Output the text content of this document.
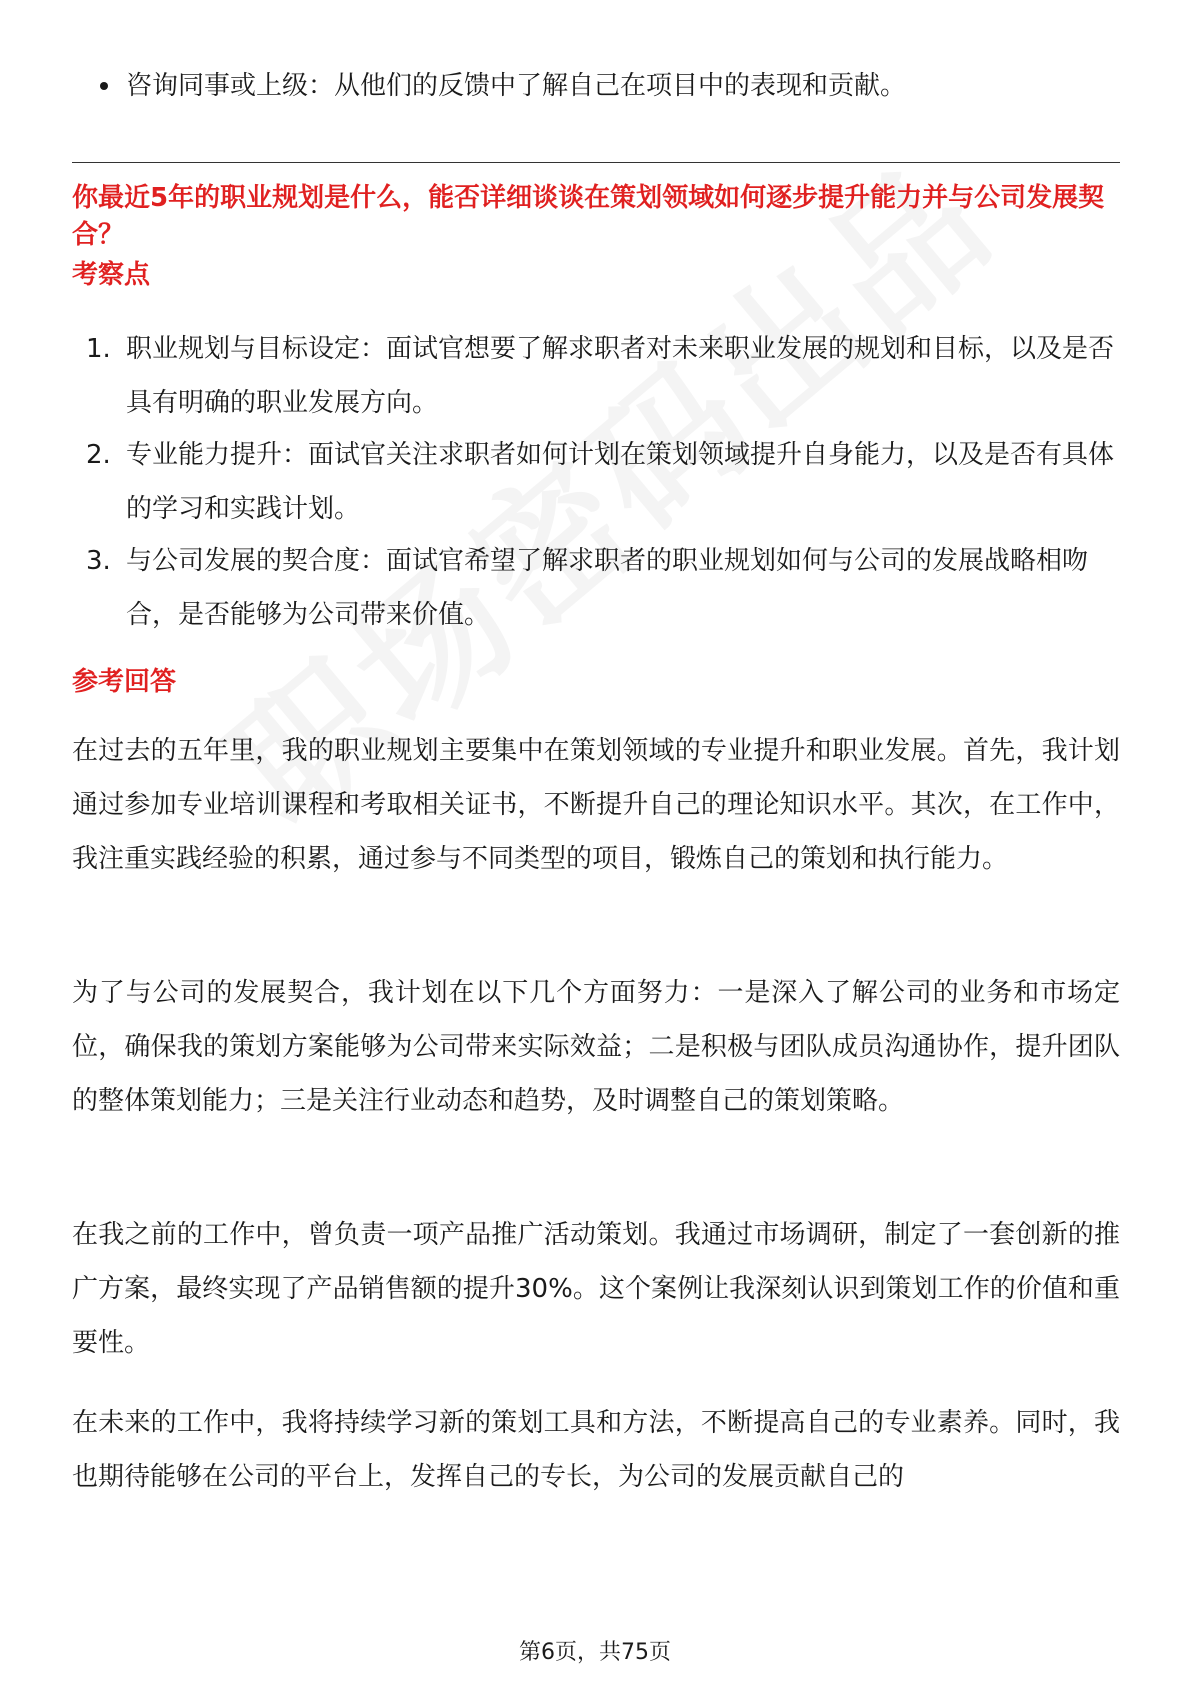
咨询同事或上级：从他们的反馈中了解自己在项目中的表现和贡献。
你最近5年的职业规划是什么，能否详细谈谈在策划领域如何逐步提升能力并与公司发展契合？
考察点
1. 职业规划与目标设定：面试官想要了解求职者对未来职业发展的规划和目标，以及是否具有明确的职业发展方向。
2. 专业能力提升：面试官关注求职者如何计划在策划领域提升自身能力，以及是否有具体的学习和实践计划。
3. 与公司发展的契合度：面试官希望了解求职者的职业规划如何与公司的发展战略相吻合，是否能够为公司带来价值。
参考回答
在过去的五年里，我的职业规划主要集中在策划领域的专业提升和职业发展。首先，我计划通过参加专业培训课程和考取相关证书，不断提升自己的理论知识水平。其次，在工作中，我注重实践经验的积累，通过参与不同类型的项目，锻炼自己的策划和执行能力。
为了与公司的发展契合，我计划在以下几个方面努力：一是深入了解公司的业务和市场定位，确保我的策划方案能够为公司带来实际效益；二是积极与团队成员沟通协作，提升团队的整体策划能力；三是关注行业动态和趋势，及时调整自己的策划策略。
在我之前的工作中，曾负责一项产品推广活动策划。我通过市场调研，制定了一套创新的推广方案，最终实现了产品销售额的提升30%。这个案例让我深刻认识到策划工作的价值和重要性。
在未来的工作中，我将持续学习新的策划工具和方法，不断提高自己的专业素养。同时，我也期待能够在公司的平台上，发挥自己的专长，为公司的发展贡献自己的
第6页，共75页
